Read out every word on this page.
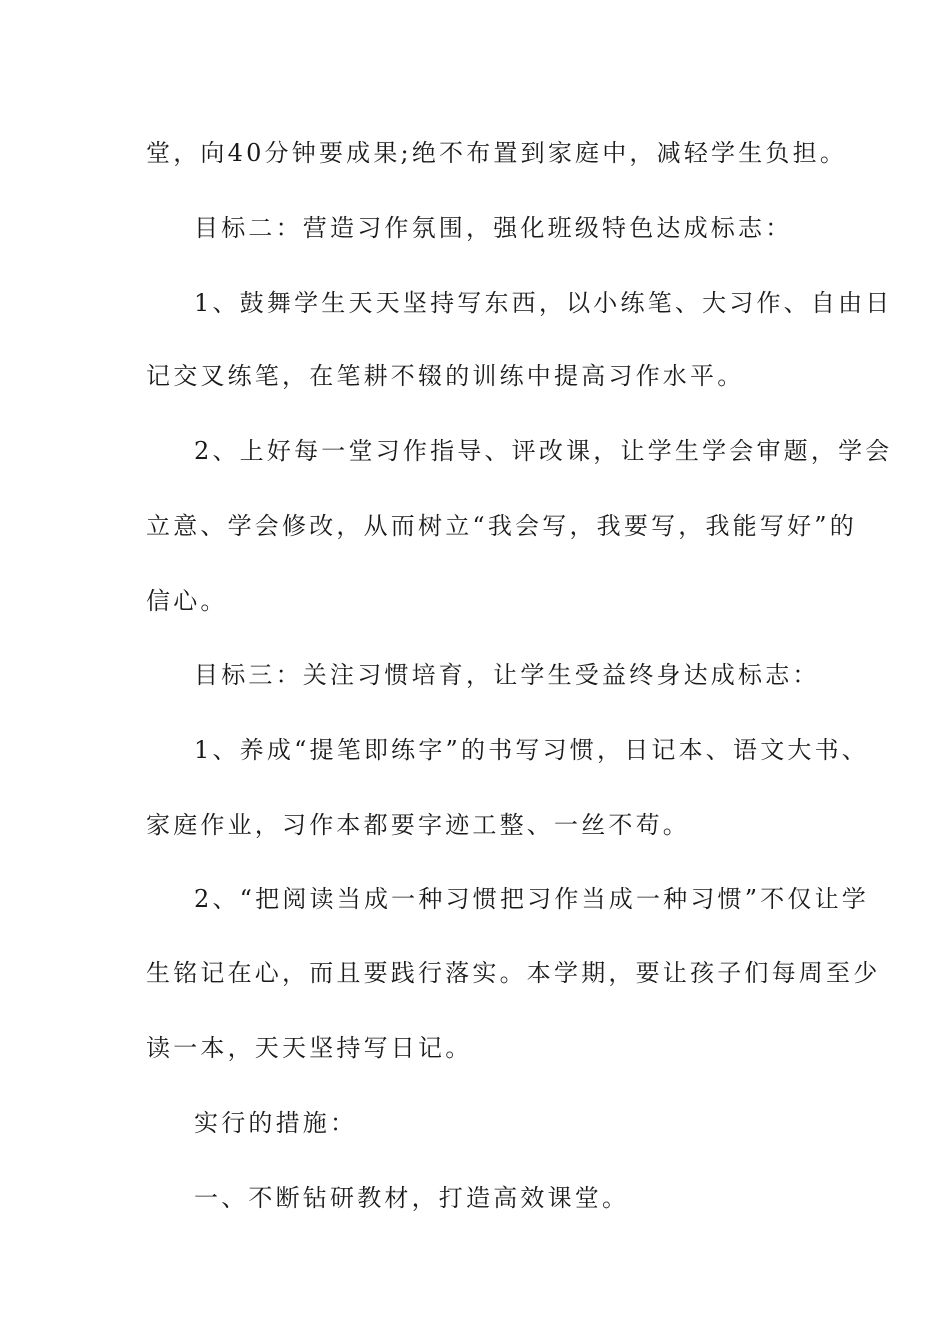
堂，向40分钟要成果;绝不布置到家庭中，减轻学生负担。
目标二：营造习作氛围，强化班级特色达成标志：
1、鼓舞学生天天坚持写东西，以小练笔、大习作、自由日
记交叉练笔，在笔耕不辍的训练中提高习作水平。
2、上好每一堂习作指导、评改课，让学生学会审题，学会
立意、学会修改，从而树立“我会写，我要写，我能写好”的
信心。
目标三：关注习惯培育，让学生受益终身达成标志：
1、养成“提笔即练字”的书写习惯，日记本、语文大书、
家庭作业，习作本都要字迹工整、一丝不苟。
2、“把阅读当成一种习惯把习作当成一种习惯”不仅让学
生铭记在心，而且要践行落实。本学期，要让孩子们每周至少
读一本，天天坚持写日记。
实行的措施：
一、不断钻研教材，打造高效课堂。
